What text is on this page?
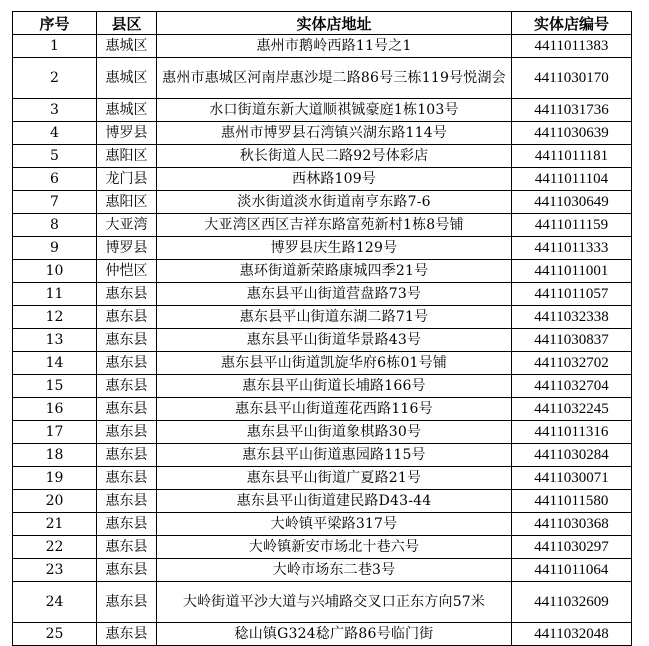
序号	县区	实体店地址	实体店编号
1	惠城区	惠州市鹅岭西路11号之1	4411011383
2	惠城区	惠州市惠城区河南岸惠沙堤二路86号三栋119号悦湖会	4411030170
3	惠城区	水口街道东新大道顺祺铖豪庭1栋103号	4411031736
4	博罗县	惠州市博罗县石湾镇兴湖东路114号	4411030639
5	惠阳区	秋长街道人民二路92号体彩店	4411011181
6	龙门县	西林路109号	4411011104
7	惠阳区	淡水街道淡水街道南亨东路7-6	4411030649
8	大亚湾	大亚湾区西区吉祥东路富苑新村1栋8号铺	4411011159
9	博罗县	博罗县庆生路129号	4411011333
10	仲恺区	惠环街道新荣路康城四季21号	4411011001
11	惠东县	惠东县平山街道营盘路73号	4411011057
12	惠东县	惠东县平山街道东湖二路71号	4411032338
13	惠东县	惠东县平山街道华景路43号	4411030837
14	惠东县	惠东县平山街道凯旋华府6栋01号铺	4411032702
15	惠东县	惠东县平山街道长埔路166号	4411032704
16	惠东县	惠东县平山街道莲花西路116号	4411032245
17	惠东县	惠东县平山街道象棋路30号	4411011316
18	惠东县	惠东县平山街道惠园路115号	4411030284
19	惠东县	惠东县平山街道广夏路21号	4411030071
20	惠东县	惠东县平山街道建民路D43-44	4411011580
21	惠东县	大岭镇平梁路317号	4411030368
22	惠东县	大岭镇新安市场北十巷六号	4411030297
23	惠东县	大岭市场东二巷3号	4411011064
24	惠东县	大岭街道平沙大道与兴埔路交叉口正东方向57米	4411032609
25	惠东县	稔山镇G324稔广路86号临门街	4411032048
